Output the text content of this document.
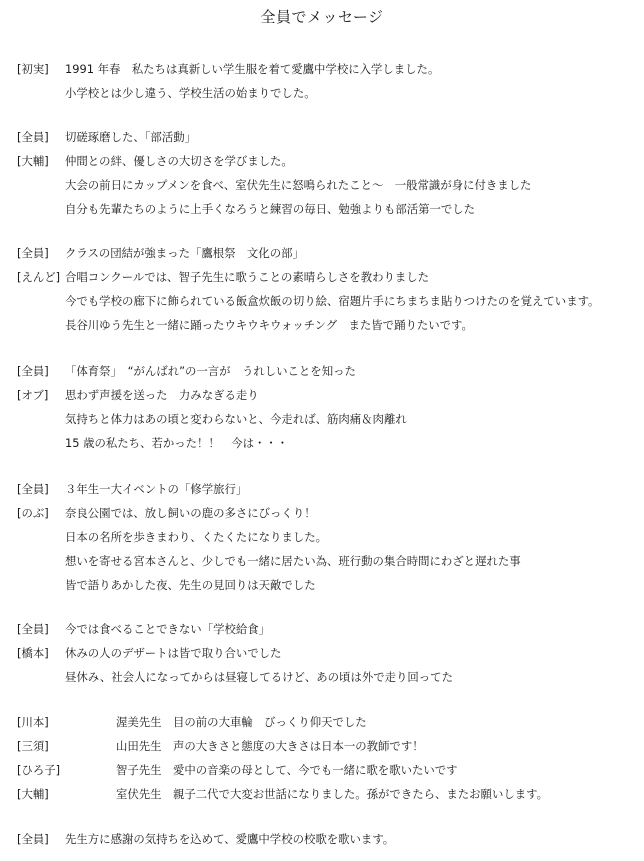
全員でメッセージ
[初実] 1991 年春　私たちは真新しい学生服を着て愛鷹中学校に入学しました。
小学校とは少し違う、学校生活の始まりでした。
[全員] 切磋琢磨した、「部活動」
[大輔] 仲間との絆、優しさの大切さを学びました。
大会の前日にカップメンを食べ、室伏先生に怒鳴られたこと～　一般常識が身に付きました
自分も先輩たちのように上手くなろうと練習の毎日、勉強よりも部活第一でした
[全員] クラスの団結が強まった「鷹根祭　文化の部」
[えんど] 合唱コンクールでは、智子先生に歌うことの素晴らしさを教わりました
今でも学校の廊下に飾られている飯盒炊飯の切り絵、宿題片手にちまちま貼りつけたのを覚えています。
長谷川ゆう先生と一緒に踊ったウキウキウォッチング　また皆で踊りたいです。
[全員] 「体育祭」　“がんばれ”の一言が　うれしいことを知った
[オブ] 思わず声援を送った　力みなぎる走り
気持ちと体力はあの頃と変わらないと、今走れば、筋肉痛＆肉離れ
15 歳の私たち、若かった！！　今は・・・
[全員] ３年生一大イベントの「修学旅行」
[のぶ] 奈良公園では、放し飼いの鹿の多さにびっくり！
日本の名所を歩きまわり、くたくたになりました。
想いを寄せる宮本さんと、少しでも一緒に居たい為、班行動の集合時間にわざと遅れた事
皆で語りあかした夜、先生の見回りは天敵でした
[全員] 今では食べることできない「学校給食」
[橋本] 休みの人のデザートは皆で取り合いでした
昼休み、社会人になってからは昼寝してるけど、あの頃は外で走り回ってた
[川本]	渥美先生 目の前の大車輪　びっくり仰天でした
[三須]	山田先生 声の大きさと態度の大きさは日本一の教師です！
[ひろ子]	智子先生 愛中の音楽の母として、今でも一緒に歌を歌いたいです
[大輔]	室伏先生 親子二代で大変お世話になりました。孫ができたら、またお願いします。
[全員] 先生方に感謝の気持ちを込めて、愛鷹中学校の校歌を歌います。
